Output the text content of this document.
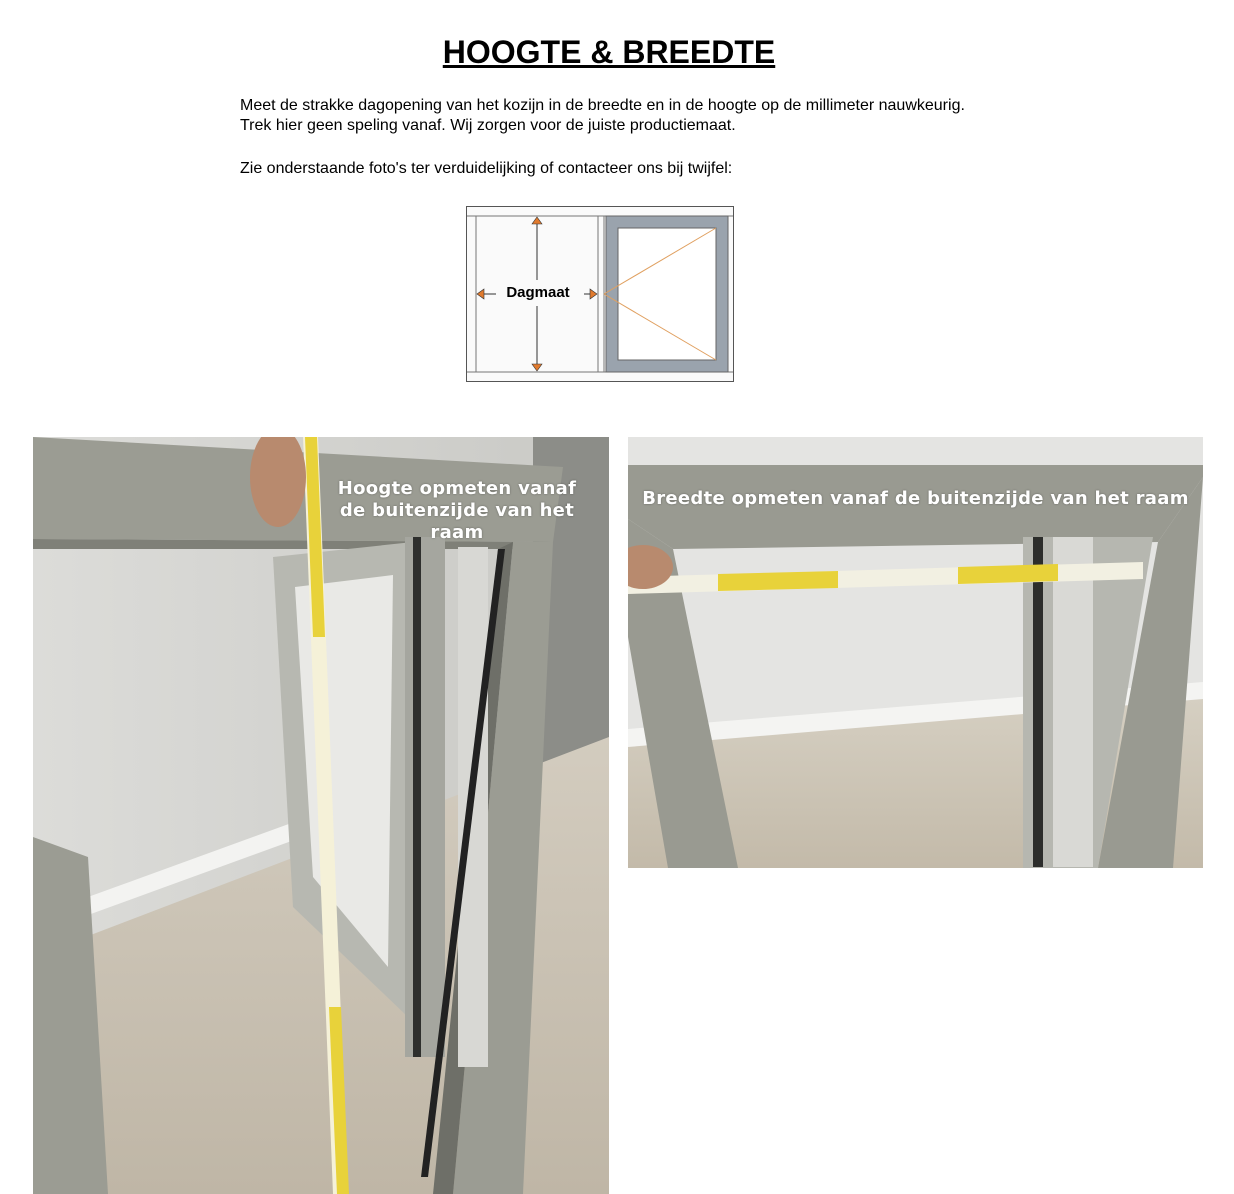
HOOGTE & BREEDTE

Meet de strakke dagopening van het kozijn in de breedte en in de hoogte op de millimeter nauwkeurig. Trek hier geen speling vanaf. Wij zorgen voor de juiste productiemaat.

Zie onderstaande foto's ter verduidelijking of contacteer ons bij twijfel:

Dagmaat
Hoogte opmeten vanaf
de buitenzijde van het raam
Breedte opmeten vanaf de buitenzijde van het raam
